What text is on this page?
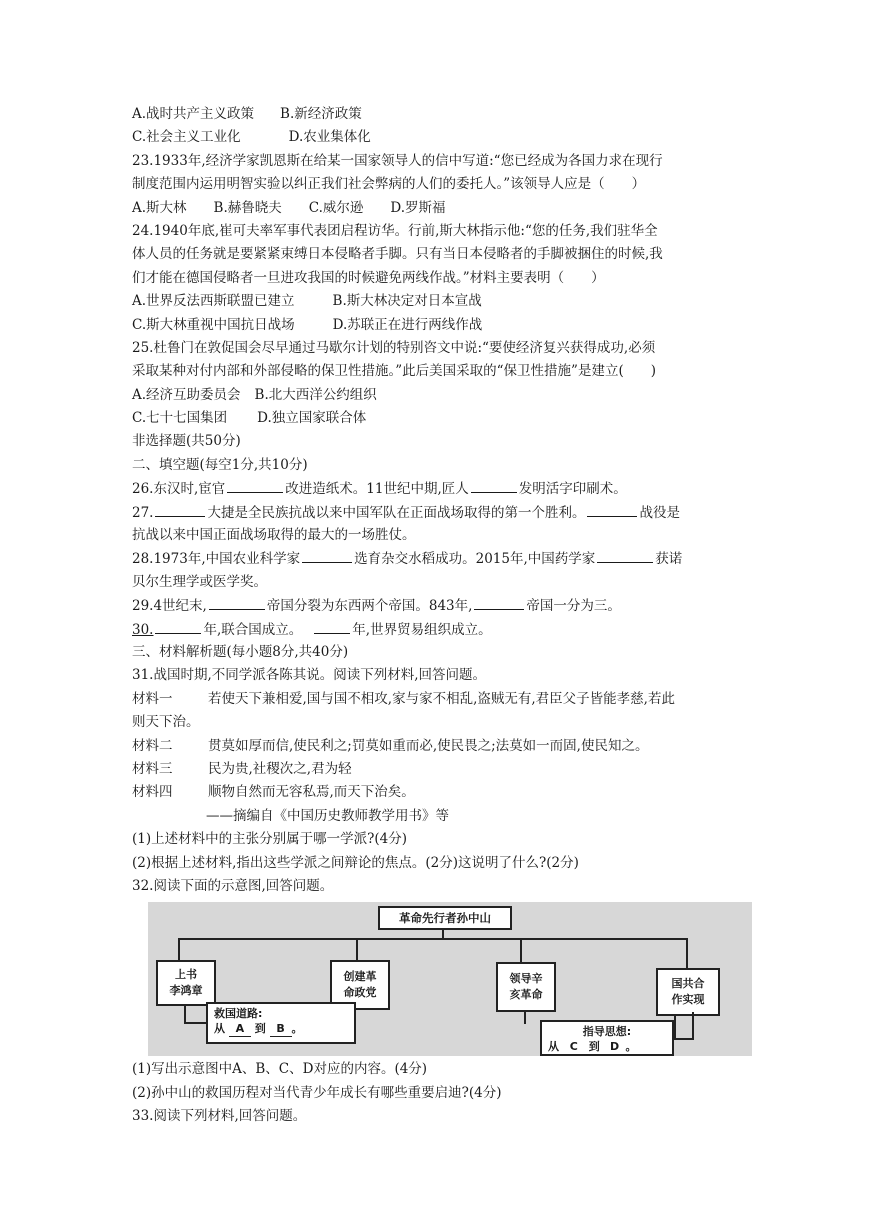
A.战时共产主义政策 B.新经济政策
C.社会主义工业化	D.农业集体化
23.1933年,经济学家凯恩斯在给某一国家领导人的信中写道:“您已经成为各国力求在现行
制度范围内运用明智实验以纠正我们社会弊病的人们的委托人。”该领导人应是（　　）
A.斯大林　　B.赫鲁晓夫　　C.威尔逊　　D.罗斯福
24.1940年底,崔可夫率军事代表团启程访华。行前,斯大林指示他:“您的任务,我们驻华全
体人员的任务就是要紧紧束缚日本侵略者手脚。只有当日本侵略者的手脚被捆住的时候,我
们才能在德国侵略者一旦进攻我国的时候避免两线作战。”材料主要表明（　　）
A.世界反法西斯联盟已建立	B.斯大林决定对日本宣战
C.斯大林重视中国抗日战场	D.苏联正在进行两线作战
25.杜鲁门在敦促国会尽早通过马歇尔计划的特别咨文中说:“要使经济复兴获得成功,必须
采取某种对付内部和外部侵略的保卫性措施。”此后美国采取的“保卫性措施”是建立(　　)
A.经济互助委员会 B.北大西洋公约组织
C.七十七国集团 D.独立国家联合体
非选择题(共50分)
二、填空题(每空1分,共10分)
26.东汉时,宦官	改进造纸术。11世纪中期,匠人	发明活字印刷术。
27.	大捷是全民族抗战以来中国军队在正面战场取得的第一个胜利。	战役是
抗战以来中国正面战场取得的最大的一场胜仗。
28.1973年,中国农业科学家	选育杂交水稻成功。2015年,中国药学家	获诺
贝尔生理学或医学奖。
29.4世纪末,	帝国分裂为东西两个帝国。843年,	帝国一分为三。
30.	年,联合国成立。	年,世界贸易组织成立。
三、材料解析题(每小题8分,共40分)
31.战国时期,不同学派各陈其说。阅读下列材料,回答问题。
材料一	若使天下兼相爱,国与国不相攻,家与家不相乱,盗贼无有,君臣父子皆能孝慈,若此
则天下治。
材料二	贯莫如厚而信,使民利之;罚莫如重而必,使民畏之;法莫如一而固,使民知之。
材料三	民为贵,社稷次之,君为轻
材料四	顺物自然而无容私焉,而天下治矣。
——摘编自《中国历史教师教学用书》等
(1)上述材料中的主张分别属于哪一学派?(4分)
(2)根据上述材料,指出这些学派之间辩论的焦点。(2分)这说明了什么?(2分)
32.阅读下面的示意图,回答问题。
革命先行者孙中山
上书
李鸿章
创建革
命政党
领导辛
亥革命
国共合
作实现
救国道路:
从 A 到 B 。	指导思想:
从 C 到 D 。
(1)写出示意图中A、B、C、D对应的内容。(4分)
(2)孙中山的救国历程对当代青少年成长有哪些重要启迪?(4分)
33.阅读下列材料,回答问题。
